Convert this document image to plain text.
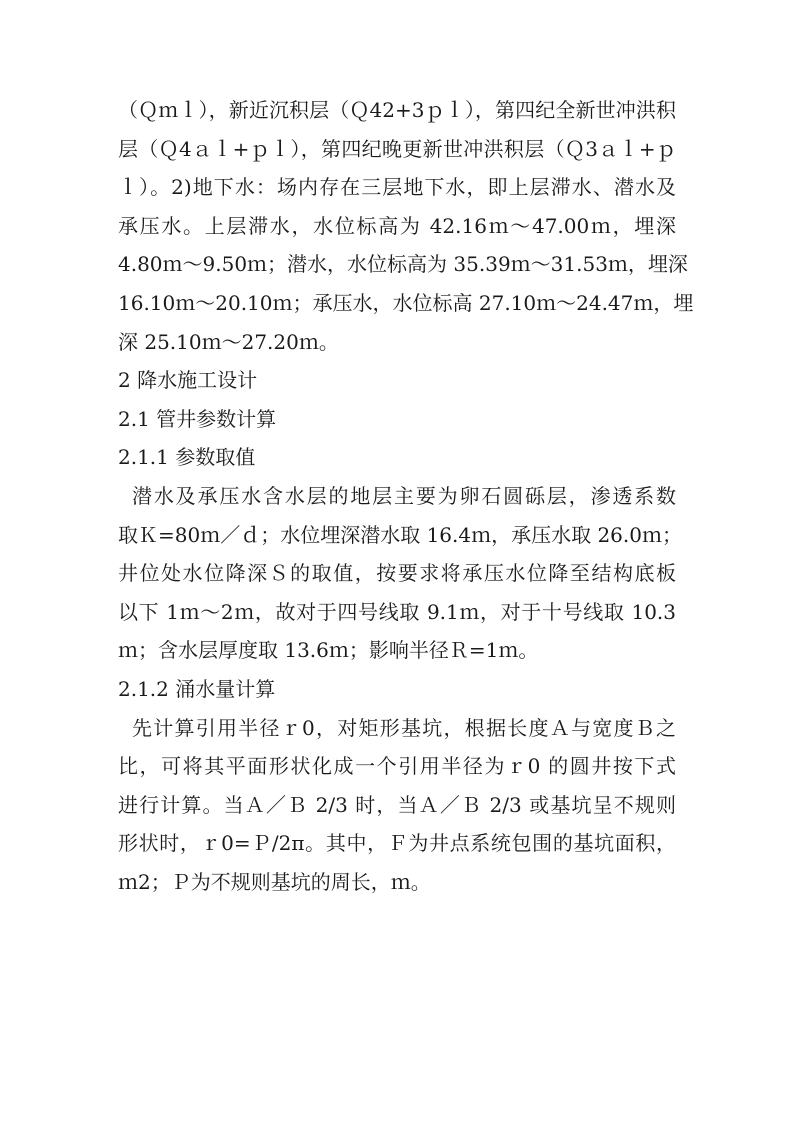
（Ｑｍｌ），新近沉积层（Ｑ42+3ｐｌ），第四纪全新世冲洪积
层（Ｑ4ａｌ+ｐｌ），第四纪晚更新世冲洪积层（Ｑ3ａｌ+ｐ
ｌ）。2)地下水：场内存在三层地下水，即上层滞水、潜水及
承压水。上层滞水，水位标高为 42.16ｍ～47.00ｍ，埋深
4.80ｍ～9.50ｍ；潜水，水位标高为 35.39ｍ～31.53ｍ，埋深
16.10ｍ～20.10ｍ；承压水，水位标高 27.10ｍ～24.47ｍ，埋
深 25.10ｍ～27.20ｍ。
2 降水施工设计
2.1 管井参数计算
2.1.1 参数取值
潜水及承压水含水层的地层主要为卵石圆砾层，渗透系数
取Ｋ=80ｍ／ｄ；水位埋深潜水取 16.4ｍ，承压水取 26.0ｍ；
井位处水位降深Ｓ的取值，按要求将承压水位降至结构底板
以下 1ｍ～2ｍ，故对于四号线取 9.1ｍ，对于十号线取 10.3
ｍ；含水层厚度取 13.6ｍ；影响半径Ｒ=1ｍ。
2.1.2 涌水量计算
先计算引用半径ｒ0，对矩形基坑，根据长度Ａ与宽度Ｂ之
比，可将其平面形状化成一个引用半径为ｒ0 的圆井按下式
进行计算。当Ａ／Ｂ 2/3 时，当Ａ／Ｂ 2/3 或基坑呈不规则
形状时，ｒ0=Ｐ/2π。其中，Ｆ为井点系统包围的基坑面积，
ｍ2；Ｐ为不规则基坑的周长，ｍ。
